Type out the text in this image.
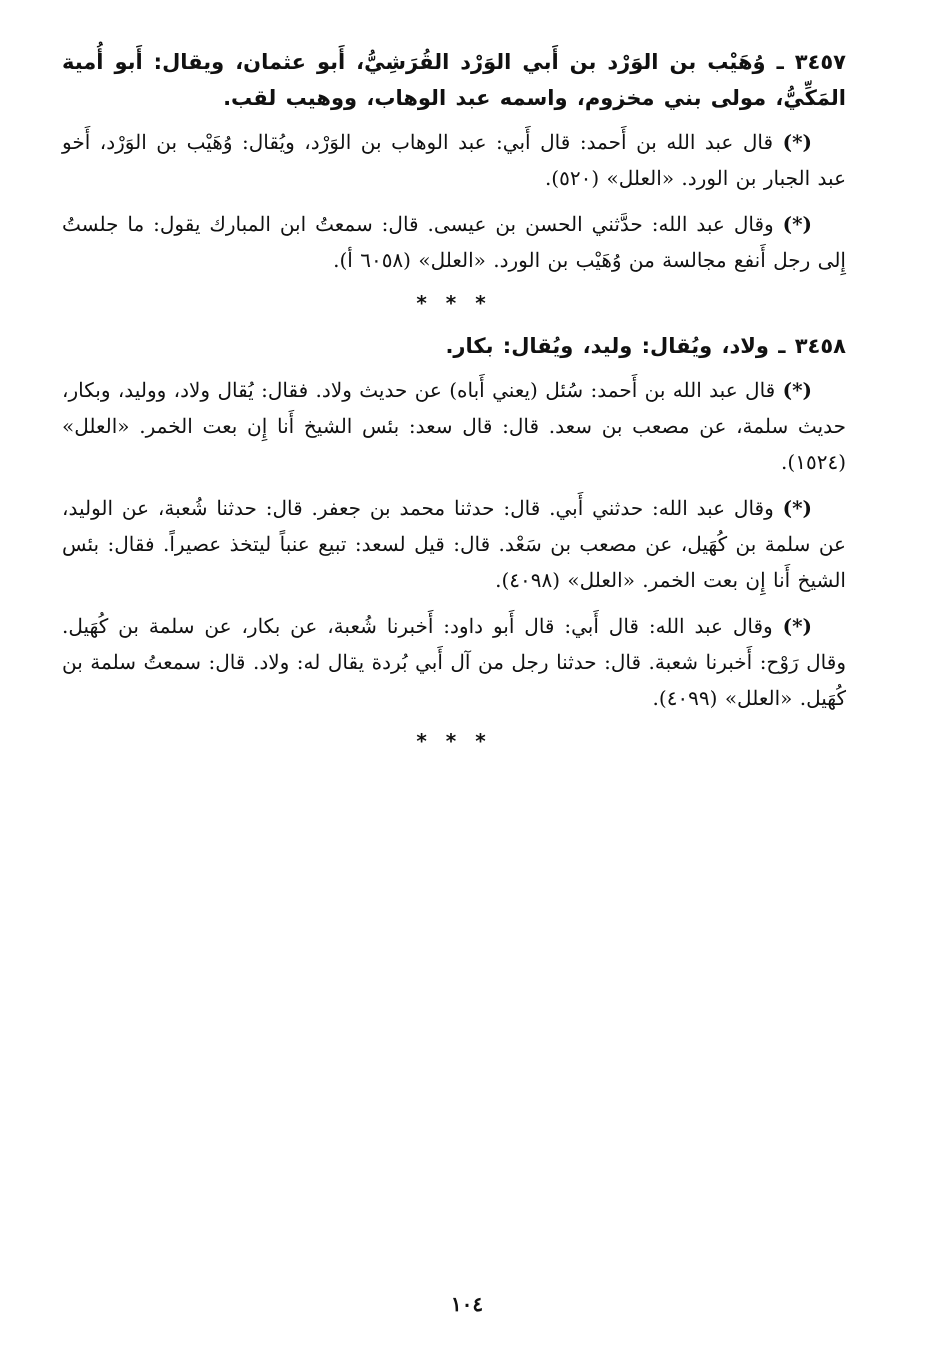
٣٤٥٧ ـ وُهَيْب بن الوَرْد بن أَبي الوَرْد القُرَشِيُّ، أَبو عثمان، ويقال: أَبو أُمية المَكِّيُّ، مولى بني مخزوم، واسمه عبد الوهاب، ووهيب لقب.
(*) قال عبد الله بن أَحمد: قال أَبي: عبد الوهاب بن الوَرْد، ويُقال: وُهَيْب بن الوَرْد، أَخو عبد الجبار بن الورد. «العلل» (٥٢٠).
(*) وقال عبد الله: حدَّثني الحسن بن عيسى. قال: سمعتُ ابن المبارك يقول: ما جلستُ إِلى رجل أَنفع مجالسة من وُهَيْب بن الورد. «العلل» (٦٠٥٨ أ).
* * *
٣٤٥٨ ـ ولاد، ويُقال: وليد، ويُقال: بكار.
(*) قال عبد الله بن أَحمد: سُئل (يعني أَباه) عن حديث ولاد. فقال: يُقال ولاد، ووليد، وبكار، حديث سلمة، عن مصعب بن سعد. قال: قال سعد: بئس الشيخ أَنا إِن بعت الخمر. «العلل» (١٥٢٤).
(*) وقال عبد الله: حدثني أَبي. قال: حدثنا محمد بن جعفر. قال: حدثنا شُعبة، عن الوليد، عن سلمة بن كُهَيل، عن مصعب بن سَعْد. قال: قيل لسعد: تبيع عنباً ليتخذ عصيراً. فقال: بئس الشيخ أَنا إِن بعت الخمر. «العلل» (٤٠٩٨).
(*) وقال عبد الله: قال أَبي: قال أَبو داود: أَخبرنا شُعبة، عن بكار، عن سلمة بن كُهَيل. وقال رَوْح: أَخبرنا شعبة. قال: حدثنا رجل من آل أَبي بُردة يقال له: ولاد. قال: سمعتُ سلمة بن كُهَيل. «العلل» (٤٠٩٩).
* * *
١٠٤
